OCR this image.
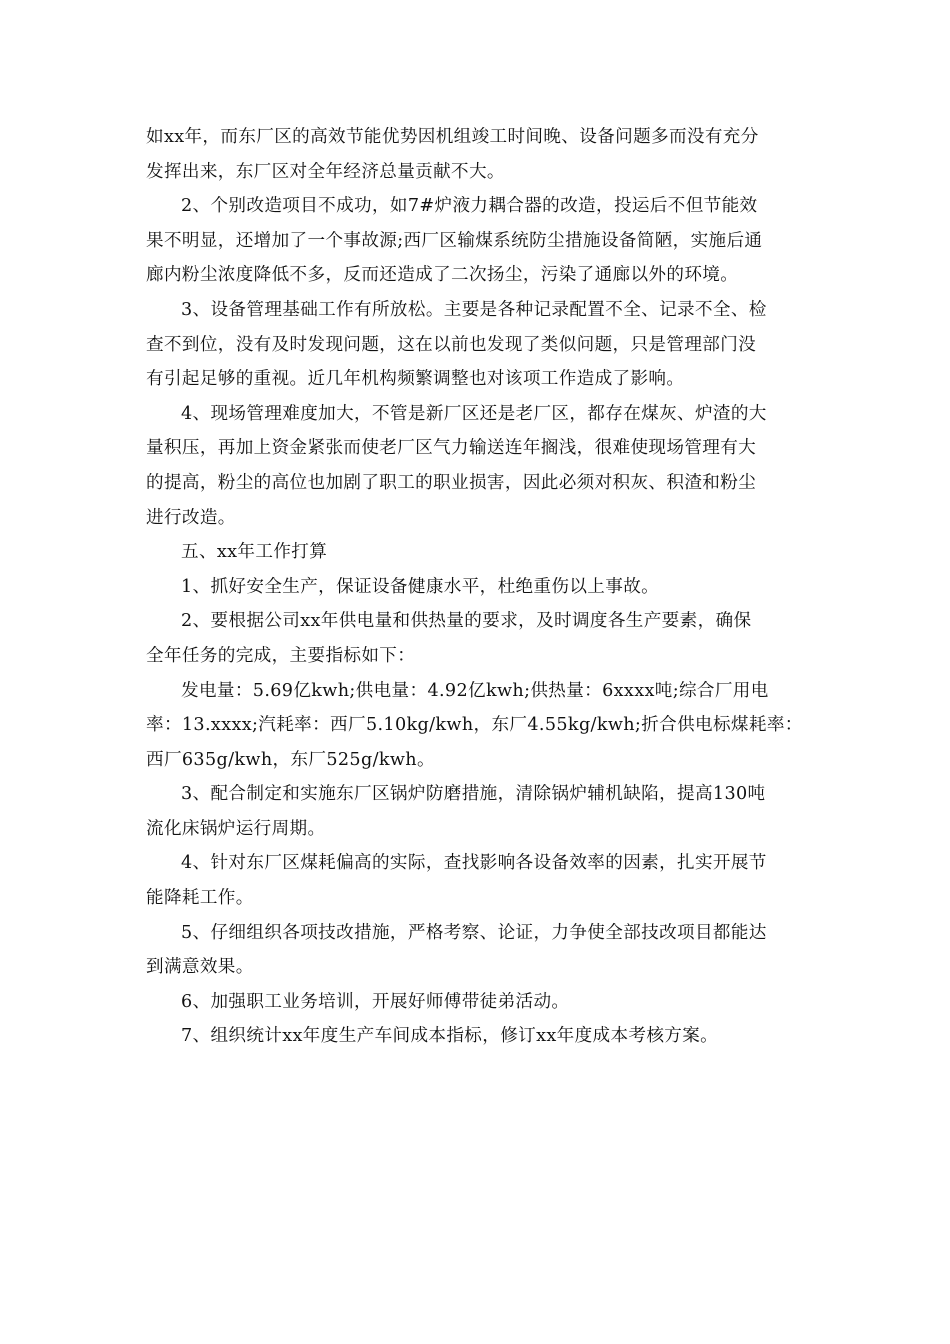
如xx年，而东厂区的高效节能优势因机组竣工时间晚、设备问题多而没有充分
发挥出来，东厂区对全年经济总量贡献不大。
2、个别改造项目不成功，如7#炉液力耦合器的改造，投运后不但节能效
果不明显，还增加了一个事故源;西厂区输煤系统防尘措施设备简陋，实施后通
廊内粉尘浓度降低不多，反而还造成了二次扬尘，污染了通廊以外的环境。
3、设备管理基础工作有所放松。主要是各种记录配置不全、记录不全、检
查不到位，没有及时发现问题，这在以前也发现了类似问题，只是管理部门没
有引起足够的重视。近几年机构频繁调整也对该项工作造成了影响。
4、现场管理难度加大，不管是新厂区还是老厂区，都存在煤灰、炉渣的大
量积压，再加上资金紧张而使老厂区气力输送连年搁浅，很难使现场管理有大
的提高，粉尘的高位也加剧了职工的职业损害，因此必须对积灰、积渣和粉尘
进行改造。
五、xx年工作打算
1、抓好安全生产，保证设备健康水平，杜绝重伤以上事故。
2、要根据公司xx年供电量和供热量的要求，及时调度各生产要素，确保
全年任务的完成，主要指标如下：
发电量：5.69亿kwh;供电量：4.92亿kwh;供热量：6xxxx吨;综合厂用电
率：13.xxxx;汽耗率：西厂5.10kg/kwh，东厂4.55kg/kwh;折合供电标煤耗率：
西厂635g/kwh，东厂525g/kwh。
3、配合制定和实施东厂区锅炉防磨措施，清除锅炉辅机缺陷，提高130吨
流化床锅炉运行周期。
4、针对东厂区煤耗偏高的实际，查找影响各设备效率的因素，扎实开展节
能降耗工作。
5、仔细组织各项技改措施，严格考察、论证，力争使全部技改项目都能达
到满意效果。
6、加强职工业务培训，开展好师傅带徒弟活动。
7、组织统计xx年度生产车间成本指标，修订xx年度成本考核方案。
